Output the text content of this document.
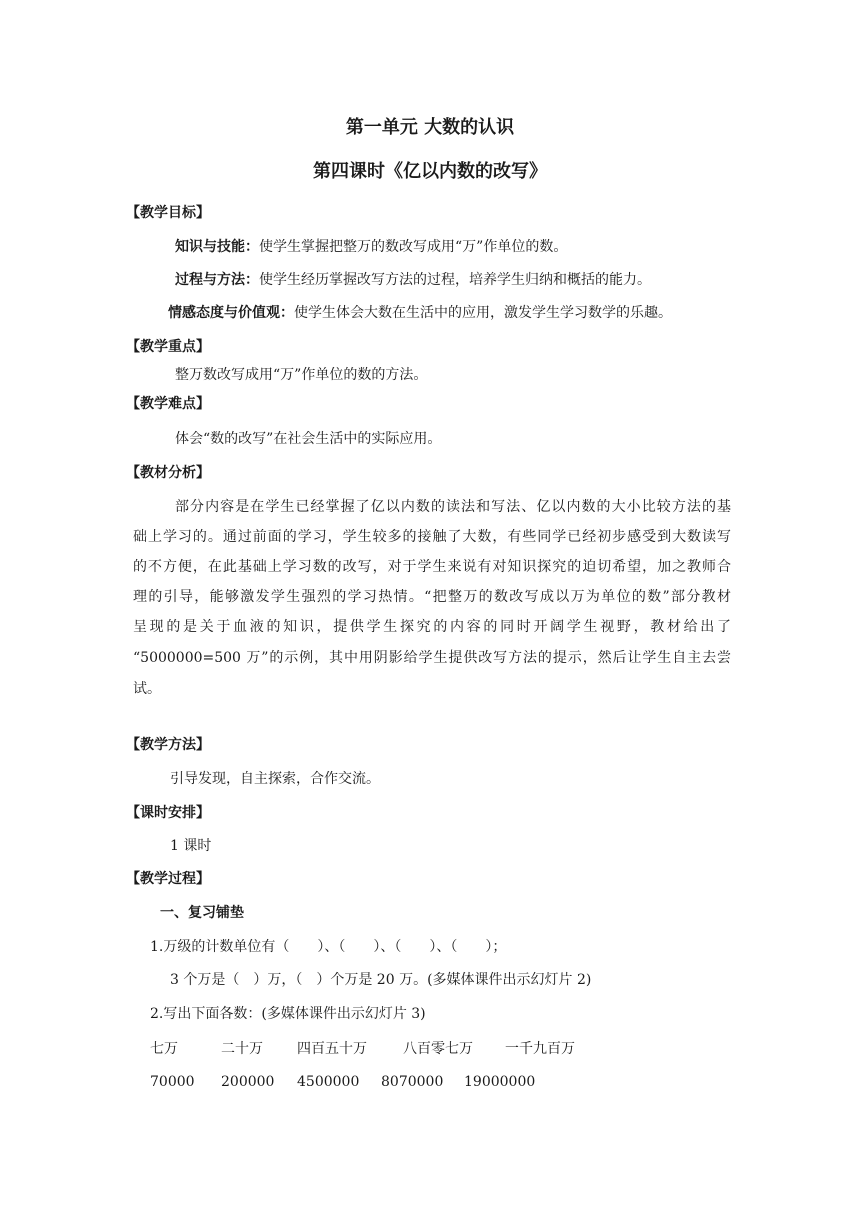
第一单元 大数的认识
第四课时《亿以内数的改写》
【教学目标】
知识与技能：使学生掌握把整万的数改写成用“万”作单位的数。
过程与方法：使学生经历掌握改写方法的过程，培养学生归纳和概括的能力。
情感态度与价值观：使学生体会大数在生活中的应用，激发学生学习数学的乐趣。
【教学重点】
整万数改写成用“万”作单位的数的方法。
【教学难点】
体会“数的改写”在社会生活中的实际应用。
【教材分析】
部分内容是在学生已经掌握了亿以内数的读法和写法、亿以内数的大小比较方法的基
础上学习的。通过前面的学习，学生较多的接触了大数，有些同学已经初步感受到大数读写
的不方便，在此基础上学习数的改写，对于学生来说有对知识探究的迫切希望，加之教师合
理的引导，能够激发学生强烈的学习热情。“把整万的数改写成以万为单位的数”部分教材
呈现的是关于血液的知识，提供学生探究的内容的同时开阔学生视野，教材给出了
“5000000=500 万”的示例，其中用阴影给学生提供改写方法的提示，然后让学生自主去尝
试。
【教学方法】
引导发现，自主探索，合作交流。
【课时安排】
1 课时
【教学过程】
一、复习铺垫
1.万级的计数单位有（　　）、（　　）、（　　）、（　　）；
3 个万是（　）万，（　）个万是 20 万。(多媒体课件出示幻灯片 2)
2.写出下面各数：(多媒体课件出示幻灯片 3)
七万	二十万 四百五十万	八百零七万 一千九百万
70000 200000 4500000 8070000 19000000
